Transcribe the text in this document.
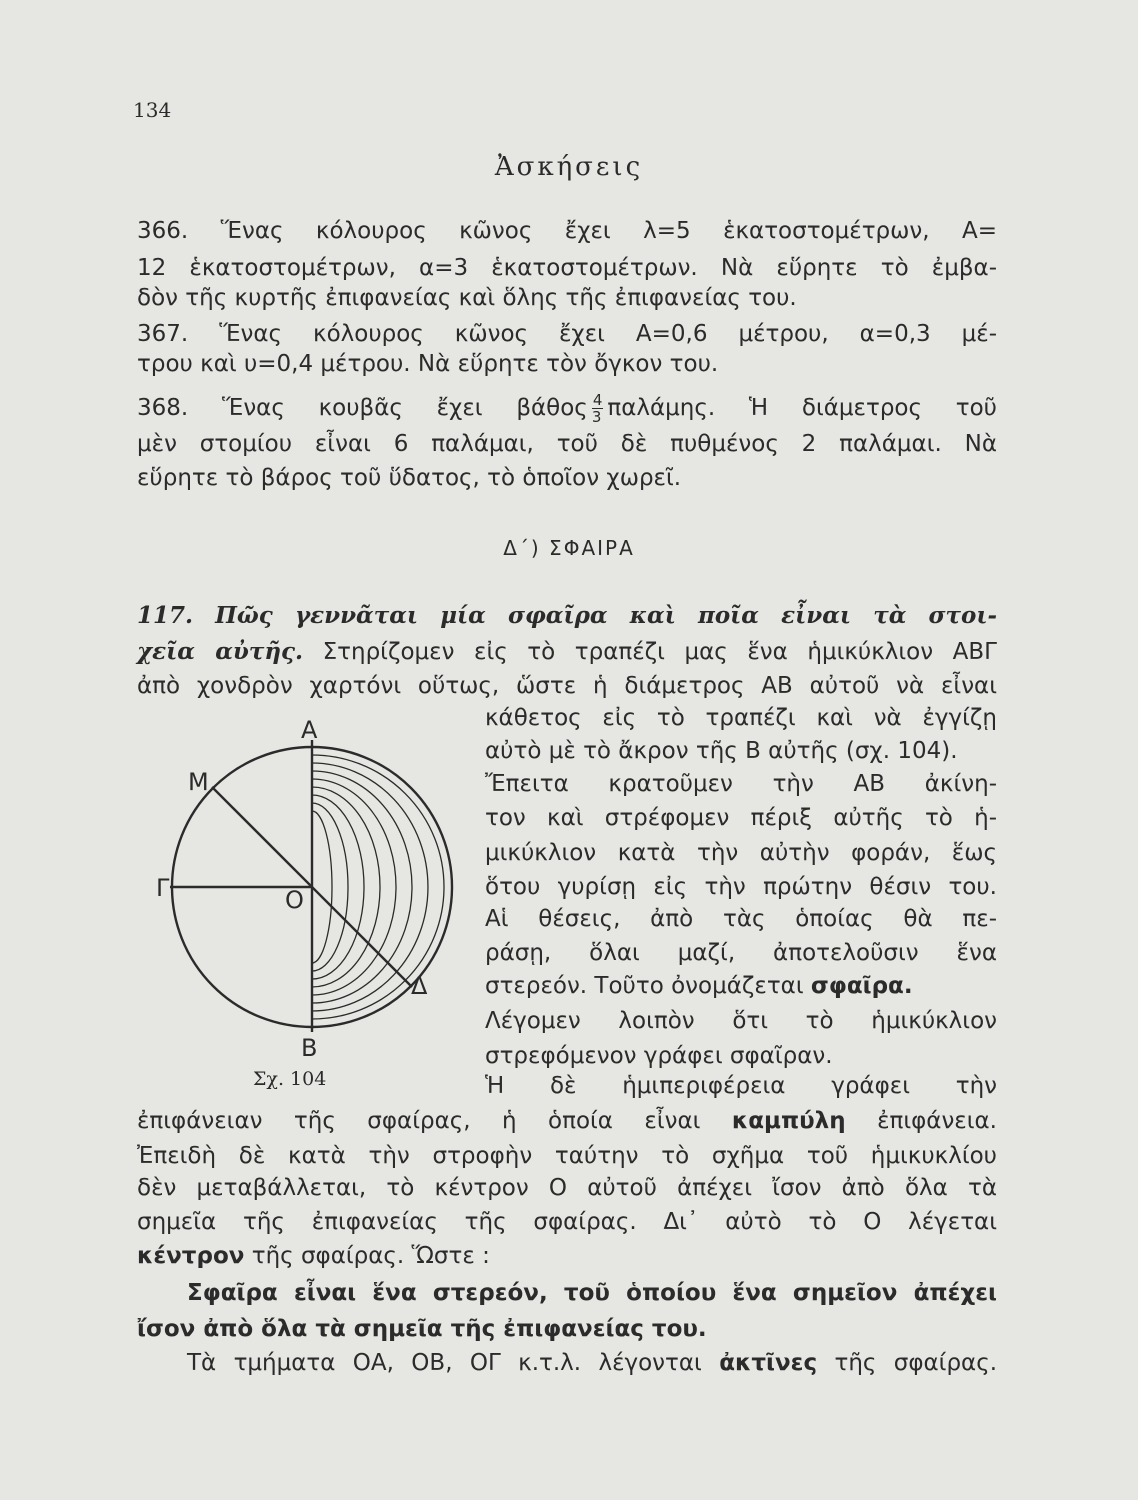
134
Ἀσκήσεις

366. Ἕνας κόλουρος κῶνος ἔχει λ=5 ἑκατοστομέτρων, Α=

12 ἑκατοστομέτρων, α=3 ἑκατοστομέτρων. Νὰ εὕρητε τὸ ἐμβα-

δὸν τῆς κυρτῆς ἐπιφανείας καὶ ὅλης τῆς ἐπιφανείας του.

367. Ἕνας κόλουρος κῶνος ἔχει Α=0,6 μέτρου, α=0,3 μέ-

τρου καὶ υ=0,4 μέτρου. Νὰ εὕρητε τὸν ὄγκον του.

368. Ἕνας κουβᾶς ἔχει βάθος $\frac{4}{3} \pi\alpha\lambda ά\mu\eta\varsigma$. Ἡ διάμετρος τοῦ

μὲν στομίου εἶναι 6 παλάμαι, τοῦ δὲ πυθμένος 2 παλάμαι. Νὰ

εὕρητε τὸ βάρος τοῦ ὕδατος, τὸ ὁποῖον χωρεῖ.

Δ΄) ΣΦΑΙΡΑ

117. Πῶς γεννᾶται μία σφαῖρα καὶ ποῖα εἶναι τὰ στοι-

χεῖα αὐτῆς. Στηρίζομεν εἰς τὸ τραπέζι μας ἕνα ἡμικύκλιον ΑΒΓ

ἀπὸ χονδρὸν χαρτόνι οὕτως, ὥστε ἡ διάμετρος ΑΒ αὐτοῦ νὰ εἶναι

κάθετος εἰς τὸ τραπέζι καὶ νὰ ἐγγίζῃ

αὐτὸ μὲ τὸ ἄκρον τῆς Β αὐτῆς (σχ. 104).

Ἔπειτα κρατοῦμεν τὴν ΑΒ ἀκίνη-

τον καὶ στρέφομεν πέριξ αὐτῆς τὸ ἡ-

μικύκλιον κατὰ τὴν αὐτὴν φοράν, ἕως

ὅτου γυρίσῃ εἰς τὴν πρώτην θέσιν του.

Αἱ θέσεις, ἀπὸ τὰς ὁποίας θὰ πε-

ράσῃ, ὅλαι μαζί, ἀποτελοῦσιν ἕνα

στερεόν. Τοῦτο ὀνομάζεται σφαῖρα.

Λέγομεν λοιπὸν ὅτι τὸ ἡμικύκλιον

στρεφόμενον γράφει σφαῖραν.

Ἡ δὲ ἡμιπεριφέρεια γράφει τὴν

ἐπιφάνειαν τῆς σφαίρας, ἡ ὁποία εἶναι καμπύλη ἐπιφάνεια.

Ἐπειδὴ δὲ κατὰ τὴν στροφὴν ταύτην τὸ σχῆμα τοῦ ἡμικυκλίου

δὲν μεταβάλλεται, τὸ κέντρον Ο αὐτοῦ ἀπέχει ἴσον ἀπὸ ὅλα τὰ

σημεῖα τῆς ἐπιφανείας τῆς σφαίρας. Δι᾿ αὐτὸ τὸ Ο λέγεται

κέντρον τῆς σφαίρας. Ὥστε :

Σφαῖρα εἶναι ἕνα στερεόν, τοῦ ὁποίου ἕνα σημεῖον ἀπέχει

ἴσον ἀπὸ ὅλα τὰ σημεῖα τῆς ἐπιφανείας του.

Τὰ τμήματα ΟΑ, ΟΒ, ΟΓ κ.τ.λ. λέγονται ἀκτῖνες τῆς σφαίρας.

Α
Β
Γ
Μ
Ο
Δ
Σχ. 104
